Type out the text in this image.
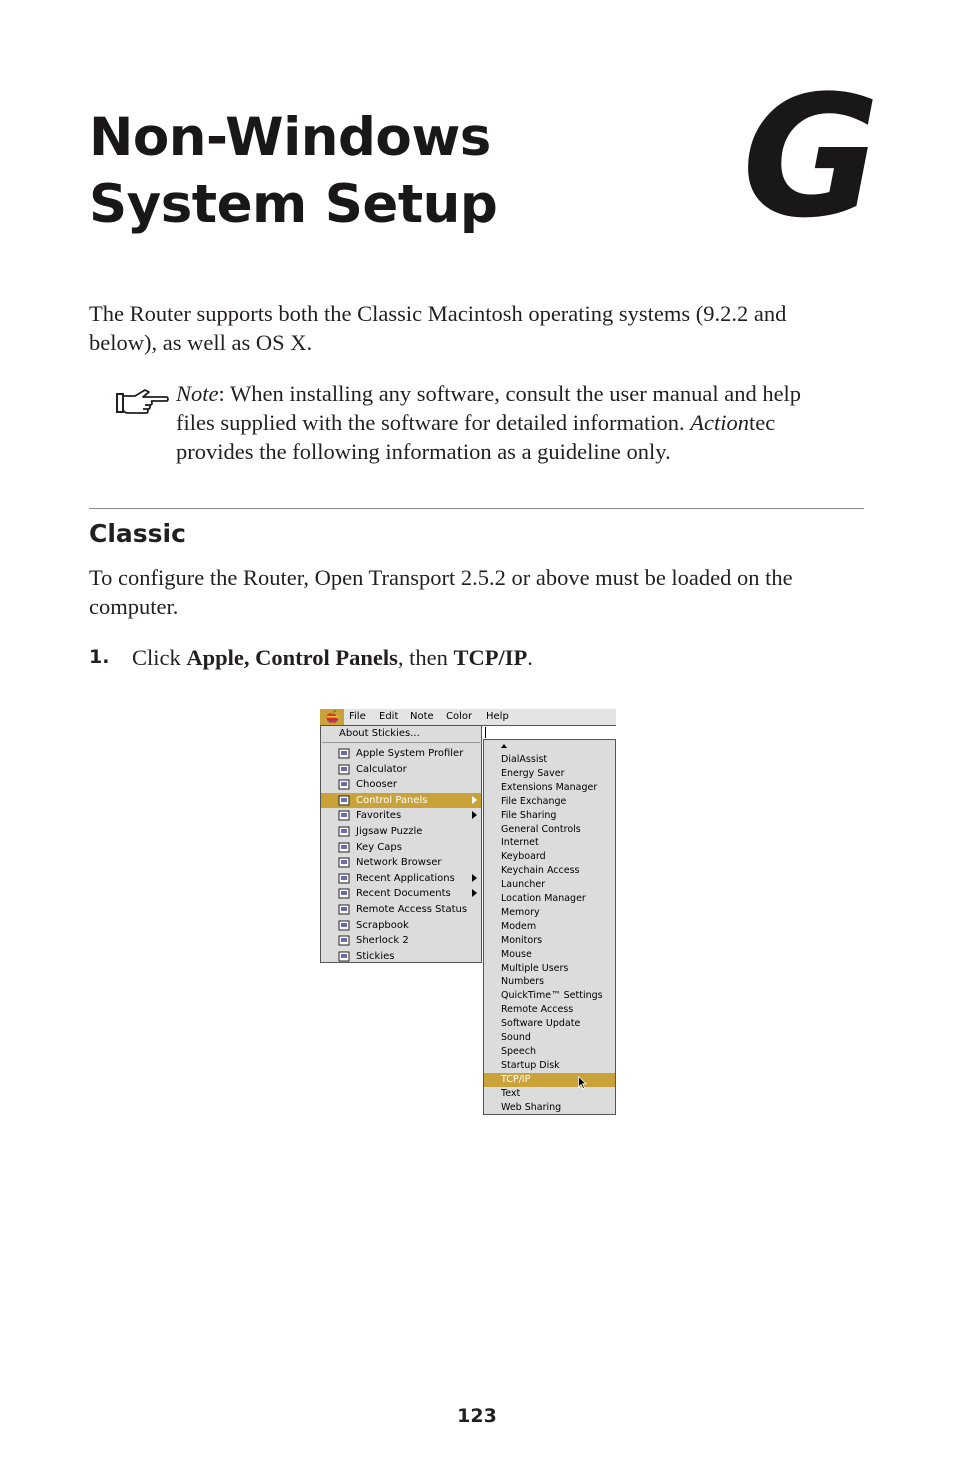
Non-Windows
System Setup	G
The Router supports both the Classic Macintosh operating systems (9.2.2 and below), as well as OS X.
Note: When installing any software, consult the user manual and help files supplied with the software for detailed information. Actiontec provides the following information as a guideline only.
Classic
To configure the Router, Open Transport 2.5.2 or above must be loaded on the computer.
1. Click Apple, Control Panels, then TCP/IP.
File Edit Note Color Help
About Stickies...
Apple System Profiler
Calculator
Chooser
Control Panels
Favorites
Jigsaw Puzzle
Key Caps
Network Browser
Recent Applications
Recent Documents
Remote Access Status
Scrapbook
Sherlock 2
Stickies
DialAssist
Energy Saver
Extensions Manager
File Exchange
File Sharing
General Controls
Internet
Keyboard
Keychain Access
Launcher
Location Manager
Memory
Modem
Monitors
Mouse
Multiple Users
Numbers
QuickTime™ Settings
Remote Access
Software Update
Sound
Speech
Startup Disk
TCP/IP
Text
Web Sharing
123
